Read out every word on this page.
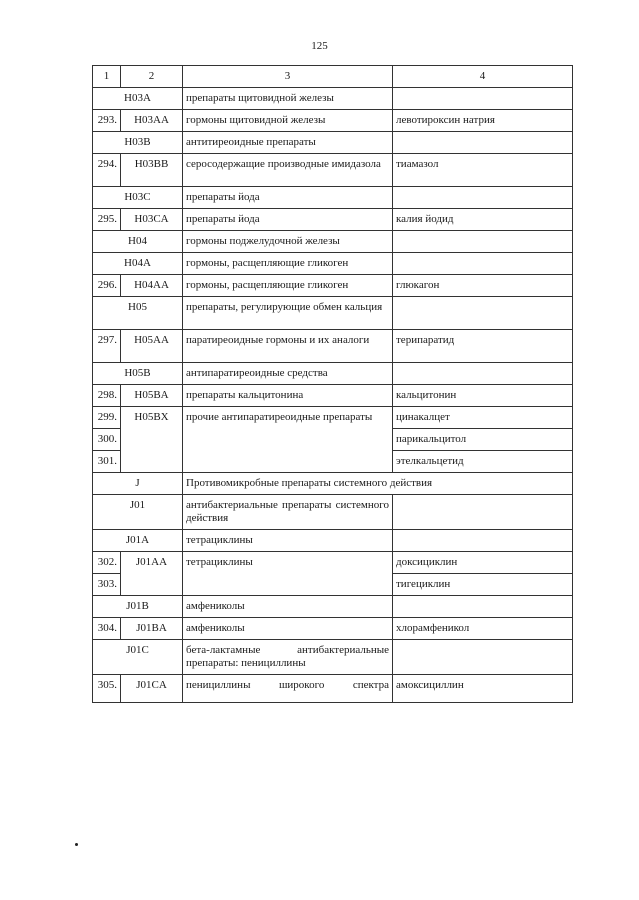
125
1	2	3	4
H03A		препараты щитовидной железы	
293.	H03AA	гормоны щитовидной железы	левотироксин натрия
H03B		антитиреоидные препараты	
294.	H03BB	серосодержащие производные имидазола	тиамазол
H03C		препараты йода	
295.	H03CA	препараты йода	калия йодид
H04		гормоны поджелудочной железы	
H04A		гормоны, расщепляющие гликоген	
296.	H04AA	гормоны, расщепляющие гликоген	глюкагон
H05		препараты, регулирующие обмен кальция	
297.	H05AA	паратиреоидные гормоны и их аналоги	терипаратид
H05B		антипаратиреоидные средства	
298.	H05BA	препараты кальцитонина	кальцитонин
299.	H05BX	прочие антипаратиреоидные препараты	цинакалцет
300.			парикальцитол
301.			этелкальцетид
J		Противомикробные препараты системного действия	
J01		антибактериальные препараты системного действия	
J01A		тетрациклины	
302.	J01AA	тетрациклины	доксициклин
303.			тигециклин
J01B		амфениколы	
304.	J01BA	амфениколы	хлорамфеникол
J01C		бета-лактамные антибактериальные препараты: пенициллины	
305.	J01CA	пенициллины широкого спектра	амоксициллин
